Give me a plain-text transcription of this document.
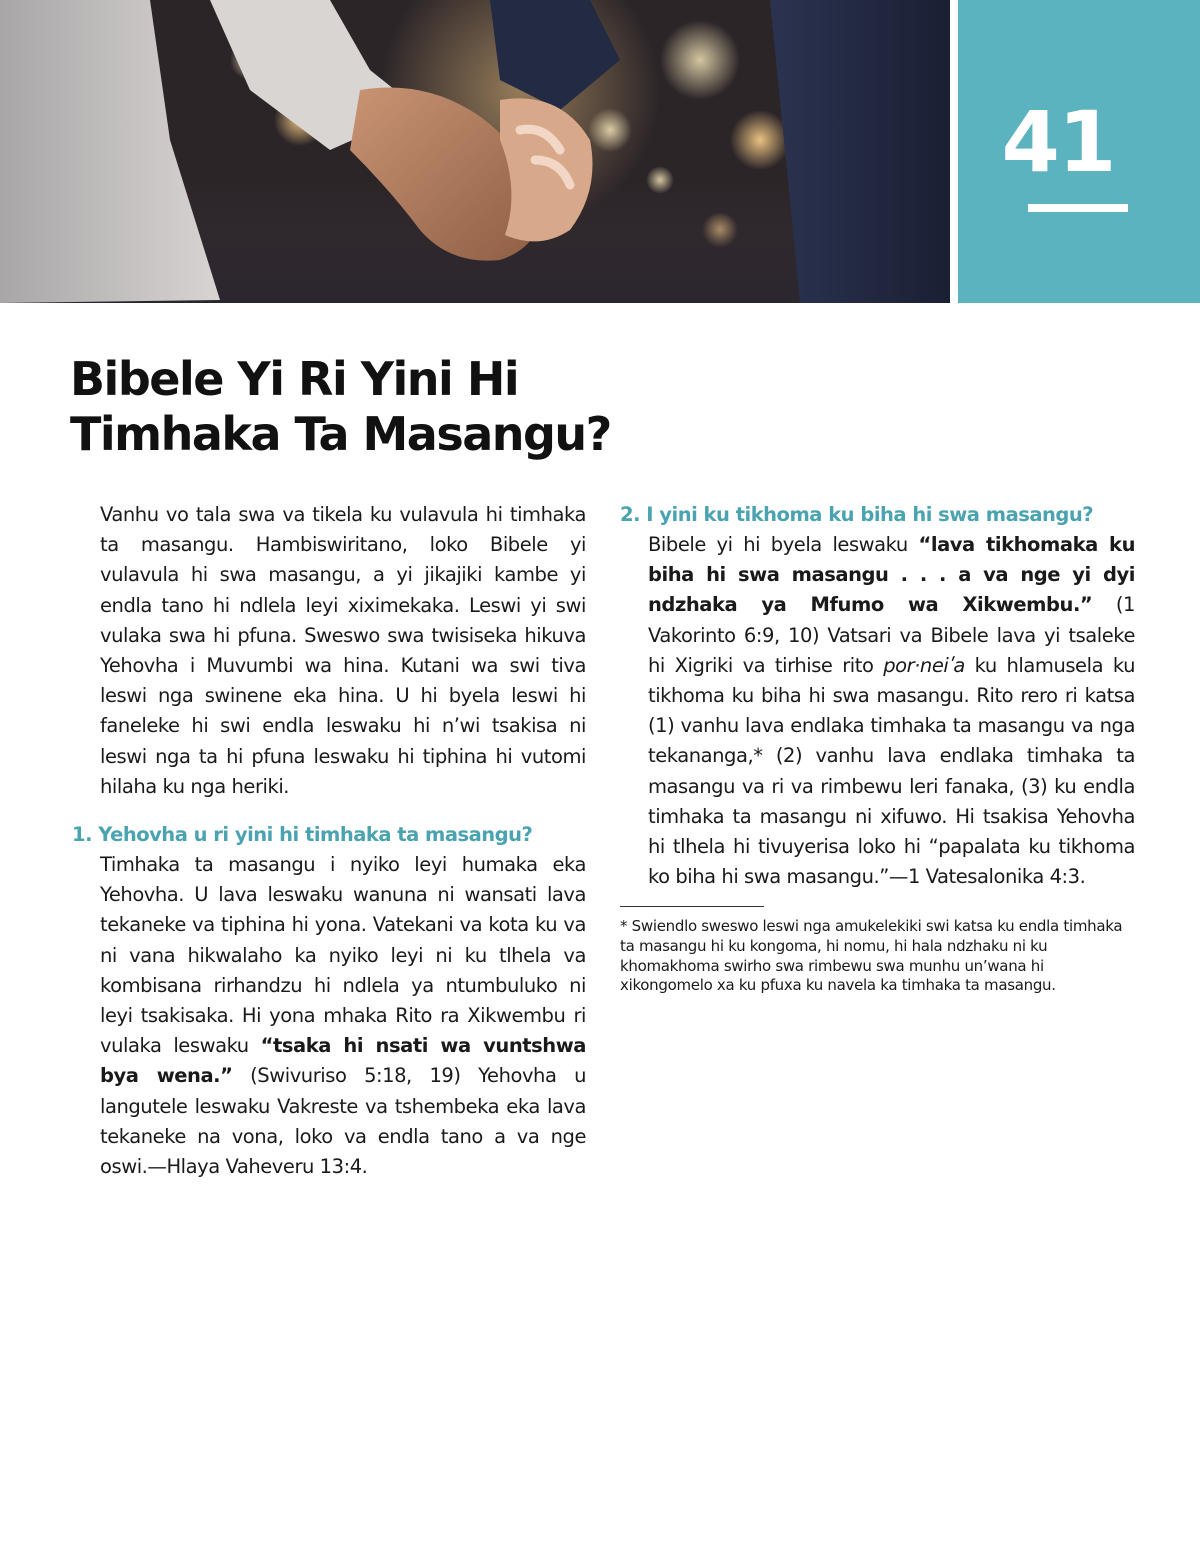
41
Bibele Yi Ri Yini Hi
Timhaka Ta Masangu?

Vanhu vo tala swa va tikela ku vulavula hi timhaka ta masangu. Hambiswiritano, loko Bibele yi vulavula hi swa masangu, a yi jikajiki kambe yi endla tano hi ndlela leyi xiximekaka. Leswi yi swi vulaka swa hi pfuna. Sweswo swa twisiseka hikuva Yehovha i Muvumbi wa hina. Kutani wa swi tiva leswi nga swinene eka hina. U hi byela leswi hi faneleke hi swi endla leswaku hi n’wi tsakisa ni leswi nga ta hi pfuna leswaku hi tiphina hi vutomi hilaha ku nga heriki.

1. Yehovha u ri yini hi timhaka ta masangu?

Timhaka ta masangu i nyiko leyi humaka eka Yehovha. U lava leswaku wanuna ni wansati lava tekaneke va tiphina hi yona. Vatekani va kota ku va ni vana hikwalaho ka nyiko leyi ni ku tlhela va kombisana rirhandzu hi ndlela ya ntumbuluko ni leyi tsakisaka. Hi yona mhaka Rito ra Xikwembu ri vulaka leswaku “tsaka hi nsati wa vuntshwa bya wena.” (Swivuriso 5:18, 19) Yehovha u langutele leswaku Vakreste va tshembeka eka lava tekaneke na vona, loko va endla tano a va nge oswi.—Hlaya Vaheveru 13:4.

2. I yini ku tikhoma ku biha hi swa masangu?

Bibele yi hi byela leswaku “lava tikhomaka ku biha hi swa masangu . . . a va nge yi dyi ndzhaka ya Mfumo wa Xikwembu.” (1 Vakorinto 6:9, 10) Vatsari va Bibele lava yi tsaleke hi Xigriki va tirhise rito por·neiʹa ku hlamusela ku tikhoma ku biha hi swa masangu. Rito rero ri katsa (1) vanhu lava endlaka timhaka ta masangu va nga tekananga,* (2) vanhu lava endlaka timhaka ta masangu va ri va rimbewu leri fanaka, (3) ku endla timhaka ta masangu ni xifuwo. Hi tsakisa Yehovha hi tlhela hi tivuyerisa loko hi “papalata ku tikhoma ko biha hi swa masangu.”—1 Vatesalonika 4:3.

* Swiendlo sweswo leswi nga amukelekiki swi katsa ku endla timhaka ta masangu hi ku kongoma, hi nomu, hi hala ndzhaku ni ku khomakhoma swirho swa rimbewu swa munhu un’wana hi xikongomelo xa ku pfuxa ku navela ka timhaka ta masangu.
